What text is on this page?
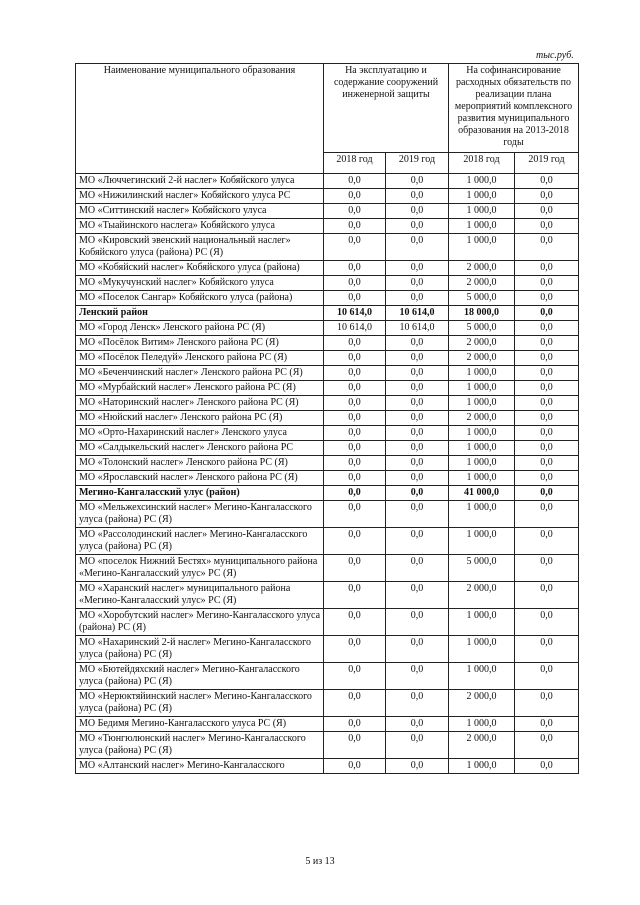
тыс.руб.
Наименование муниципального образования	На эксплуатацию и содержание сооружений инженерной защиты		На софинансирование расходных обязательств по реализации плана мероприятий комплексного развития муниципального образования на 2013-2018 годы	
	2018 год	2019 год	2018 год	2019 год
МО «Люччегинский 2-й наслег» Кобяйского улуса	0,0	0,0	1 000,0	0,0
МО «Нижилинский наслег» Кобяйского улуса РС	0,0	0,0	1 000,0	0,0
МО «Ситтинский наслег» Кобяйского улуса	0,0	0,0	1 000,0	0,0
МО «Тыайинского наслега» Кобяйского улуса	0,0	0,0	1 000,0	0,0
МО «Кировский эвенский национальный наслег» Кобяйского улуса (района) РС (Я)	0,0	0,0	1 000,0	0,0
МО «Кобяйский наслег» Кобяйского улуса (района)	0,0	0,0	2 000,0	0,0
МО «Мукучунский наслег» Кобяйского улуса	0,0	0,0	2 000,0	0,0
МО «Поселок Сангар» Кобяйского улуса (района)	0,0	0,0	5 000,0	0,0
Ленский район	10 614,0	10 614,0	18 000,0	0,0
МО «Город Ленск» Ленского района РС (Я)	10 614,0	10 614,0	5 000,0	0,0
МО «Посёлок Витим» Ленского района РС (Я)	0,0	0,0	2 000,0	0,0
МО «Посёлок Пеледуй» Ленского района РС (Я)	0,0	0,0	2 000,0	0,0
МО «Беченчинский наслег» Ленского района РС (Я)	0,0	0,0	1 000,0	0,0
МО «Мурбайский наслег» Ленского района РС (Я)	0,0	0,0	1 000,0	0,0
МО «Наторинский наслег» Ленского района РС (Я)	0,0	0,0	1 000,0	0,0
МО «Нюйский наслег» Ленского района РС (Я)	0,0	0,0	2 000,0	0,0
МО «Орто-Нахаринский наслег» Ленского улуса	0,0	0,0	1 000,0	0,0
МО «Салдыкельский наслег» Ленского района РС	0,0	0,0	1 000,0	0,0
МО «Толонский наслег» Ленского района РС (Я)	0,0	0,0	1 000,0	0,0
МО «Ярославский наслег» Ленского района РС (Я)	0,0	0,0	1 000,0	0,0
Мегино-Кангаласский улус (район)	0,0	0,0	41 000,0	0,0
МО «Мельжехсинский наслег» Мегино-Кангаласского улуса (района) РС (Я)	0,0	0,0	1 000,0	0,0
МО «Рассолодинский наслег» Мегино-Кангаласского улуса (района) РС (Я)	0,0	0,0	1 000,0	0,0
МО «поселок Нижний Бестях» муниципального района «Мегино-Кангаласский улус» РС (Я)	0,0	0,0	5 000,0	0,0
МО «Харанский наслег» муниципального района «Мегино-Кангаласский улус» РС (Я)	0,0	0,0	2 000,0	0,0
МО «Хоробутский наслег» Мегино-Кангаласского улуса (района) РС (Я)	0,0	0,0	1 000,0	0,0
МО «Нахаринский 2-й наслег» Мегино-Кангаласского улуса (района) РС (Я)	0,0	0,0	1 000,0	0,0
МО «Бютейдяхский наслег» Мегино-Кангаласского улуса (района) РС (Я)	0,0	0,0	1 000,0	0,0
МО «Нерюктяйинский наслег» Мегино-Кангаласского улуса (района) РС (Я)	0,0	0,0	2 000,0	0,0
МО Бедимя Мегино-Кангаласского улуса РС (Я)	0,0	0,0	1 000,0	0,0
МО «Тюнгюлюнский наслег» Мегино-Кангаласского улуса (района) РС (Я)	0,0	0,0	2 000,0	0,0
МО «Алтанский наслег» Мегино-Кангаласского	0,0	0,0	1 000,0	0,0
5 из 13
